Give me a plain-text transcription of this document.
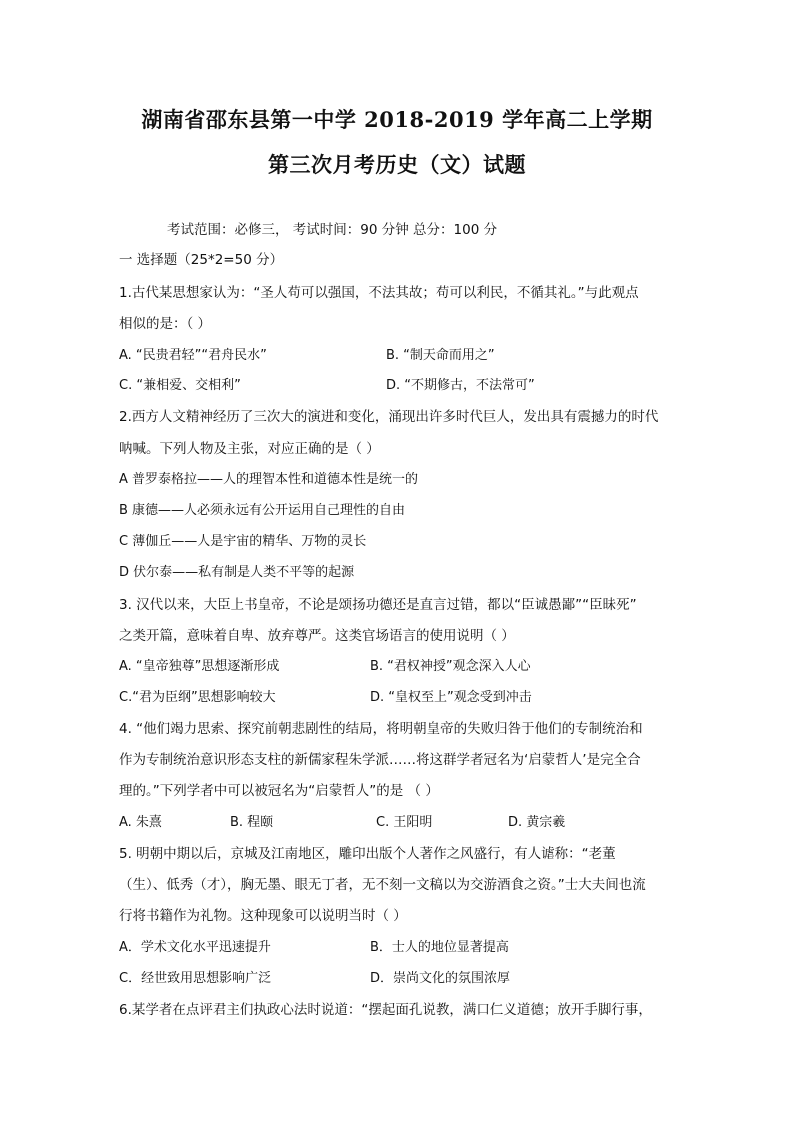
湖南省邵东县第一中学 2018-2019 学年高二上学期
第三次月考历史（文）试题
考试范围：必修三， 考试时间：90 分钟 总分：100 分
一 选择题（25*2=50 分）
1.古代某思想家认为：“圣人苟可以强国，不法其故；苟可以利民，不循其礼。”与此观点
相似的是：（ ）
A. “民贵君轻”“君舟民水”	B. “制天命而用之”
C. “兼相爱、交相利”	D. “不期修古，不法常可”
2.西方人文精神经历了三次大的演进和变化，涌现出许多时代巨人，发出具有震撼力的时代
呐喊。下列人物及主张，对应正确的是（ ）
A 普罗泰格拉——人的理智本性和道德本性是统一的
B 康德——人必须永远有公开运用自己理性的自由
C 薄伽丘——人是宇宙的精华、万物的灵长
D 伏尔泰——私有制是人类不平等的起源
3. 汉代以来，大臣上书皇帝，不论是颂扬功德还是直言过错，都以“臣诚愚鄙”“臣昧死”
之类开篇，意味着自卑、放弃尊严。这类官场语言的使用说明（ ）
A. “皇帝独尊”思想逐渐形成	B. “君权神授”观念深入人心
C.“君为臣纲”思想影响较大	D. “皇权至上”观念受到冲击
4. “他们竭力思索、探究前朝悲剧性的结局，将明朝皇帝的失败归咎于他们的专制统治和
作为专制统治意识形态支柱的新儒家程朱学派……将这群学者冠名为‘启蒙哲人’是完全合
理的。”下列学者中可以被冠名为“启蒙哲人”的是 （ ）
A. 朱熹	B. 程颐	C. 王阳明	D. 黄宗羲
5. 明朝中期以后，京城及江南地区，雕印出版个人著作之风盛行，有人谑称：“老董
（生）、低秀（才），胸无墨、眼无丁者，无不刻一文稿以为交游酒食之资。”士大夫间也流
行将书籍作为礼物。这种现象可以说明当时（ ）
A．学术文化水平迅速提升	B．士人的地位显著提高
C．经世致用思想影响广泛	D．崇尚文化的氛围浓厚
6.某学者在点评君主们执政心法时说道：“摆起面孔说教，满口仁义道德；放开手脚行事，
